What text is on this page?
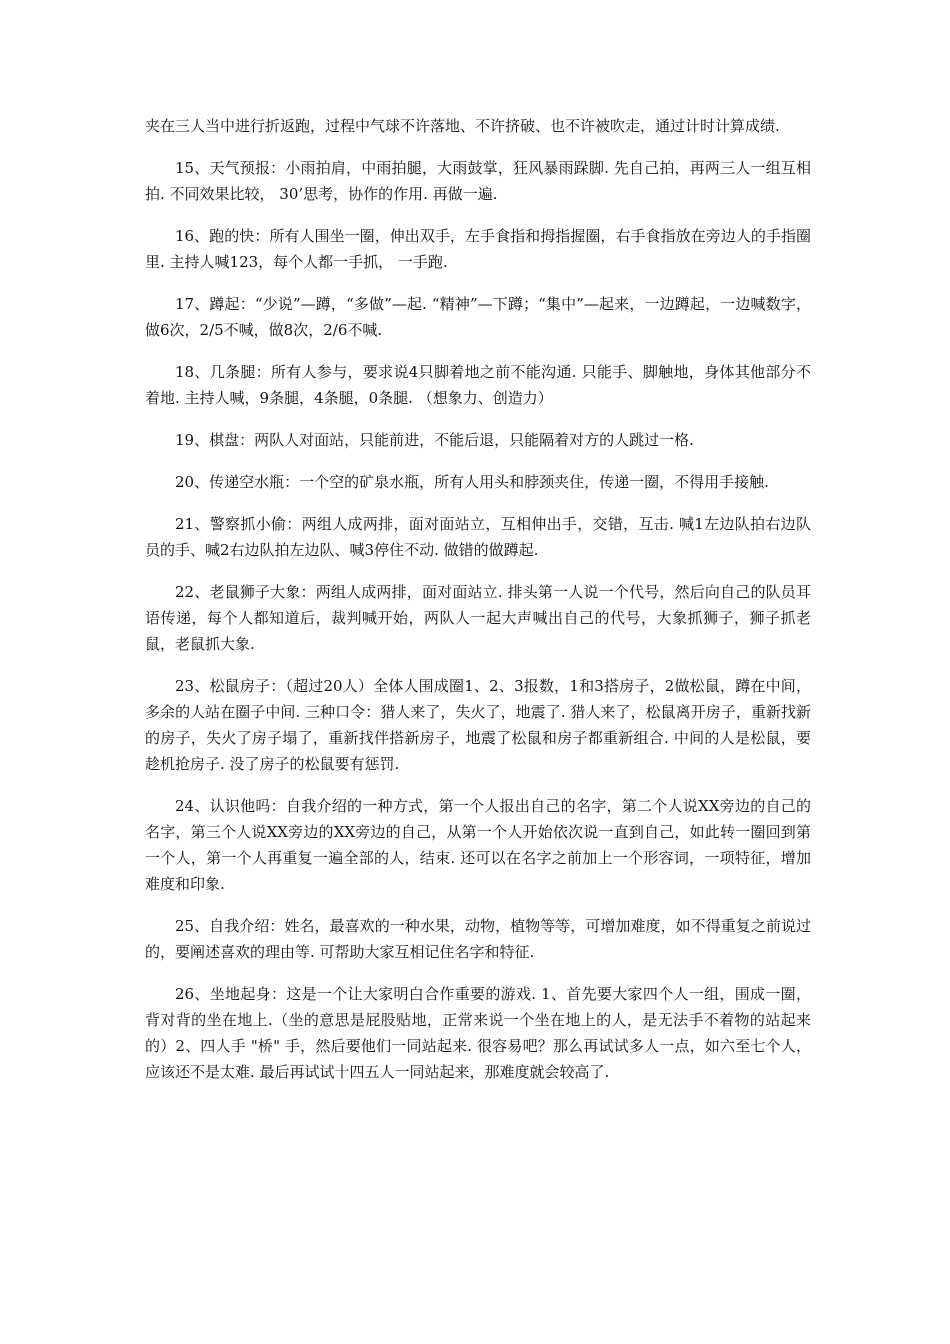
夹在三人当中进行折返跑，过程中气球不许落地、不许挤破、也不许被吹走，通过计时计算成绩.

15、天气预报：小雨拍肩，中雨拍腿，大雨鼓掌，狂风暴雨跺脚. 先自己拍，再两三人一组互相拍. 不同效果比较， 30’思考，协作的作用. 再做一遍.

16、跑的快：所有人围坐一圈，伸出双手，左手食指和拇指握圈，右手食指放在旁边人的手指圈里. 主持人喊123，每个人都一手抓， 一手跑.

17、蹲起：“少说”—蹲，“多做”—起. “精神”—下蹲；“集中”—起来，一边蹲起，一边喊数字，做6次，2/5不喊，做8次，2/6不喊.

18、几条腿：所有人参与，要求说4只脚着地之前不能沟通. 只能手、脚触地，身体其他部分不着地. 主持人喊，9条腿，4条腿，0条腿. （想象力、创造力）

19、棋盘：两队人对面站，只能前进，不能后退，只能隔着对方的人跳过一格.

20、传递空水瓶：一个空的矿泉水瓶，所有人用头和脖颈夹住，传递一圈，不得用手接触.

21、警察抓小偷：两组人成两排，面对面站立，互相伸出手，交错，互击. 喊1左边队拍右边队员的手、喊2右边队拍左边队、喊3停住不动. 做错的做蹲起.

22、老鼠狮子大象：两组人成两排，面对面站立. 排头第一人说一个代号，然后向自己的队员耳语传递，每个人都知道后，裁判喊开始，两队人一起大声喊出自己的代号，大象抓狮子，狮子抓老鼠，老鼠抓大象.

23、松鼠房子：（超过20人）全体人围成圈1、2、3报数，1和3搭房子，2做松鼠，蹲在中间，多余的人站在圈子中间. 三种口令：猎人来了，失火了，地震了. 猎人来了，松鼠离开房子，重新找新的房子，失火了房子塌了，重新找伴搭新房子，地震了松鼠和房子都重新组合. 中间的人是松鼠，要趁机抢房子. 没了房子的松鼠要有惩罚.

24、认识他吗：自我介绍的一种方式，第一个人报出自己的名字，第二个人说XX旁边的自己的名字，第三个人说XX旁边的XX旁边的自己，从第一个人开始依次说一直到自己，如此转一圈回到第一个人，第一个人再重复一遍全部的人，结束. 还可以在名字之前加上一个形容词，一项特征，增加难度和印象.

25、自我介绍：姓名，最喜欢的一种水果，动物，植物等等，可增加难度，如不得重复之前说过的，要阐述喜欢的理由等. 可帮助大家互相记住名字和特征.

26、坐地起身：这是一个让大家明白合作重要的游戏. 1、首先要大家四个人一组，围成一圈，背对背的坐在地上.（坐的意思是屁股贴地，正常来说一个坐在地上的人，是无法手不着物的站起来的）2、四人手 "桥" 手，然后要他们一同站起来. 很容易吧？那么再试试多人一点，如六至七个人，应该还不是太难. 最后再试试十四五人一同站起来，那难度就会较高了.
